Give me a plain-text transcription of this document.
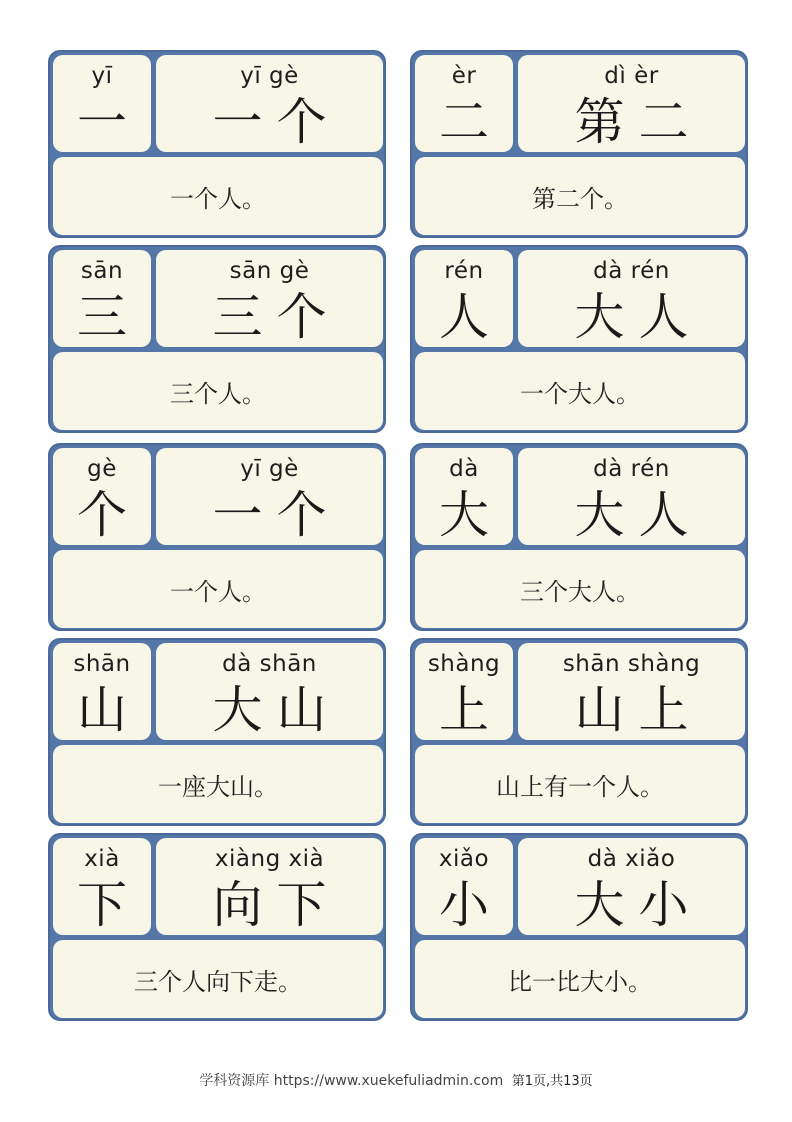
yī
一
yī gè
一个
一个人。
èr
二
dì èr
第二
第二个。
sān
三
sān gè
三个
三个人。
rén
人
dà rén
大人
一个大人。
gè
个
yī gè
一个
一个人。
dà
大
dà rén
大人
三个大人。
shān
山
dà shān
大山
一座大山。
shàng
上
shān shàng
山上
山上有一个人。
xià
下
xiàng xià
向下
三个人向下走。
xiǎo
小
dà xiǎo
大小
比一比大小。
学科资源库 https://www.xuekefuliadmin.com 第1页,共13页
